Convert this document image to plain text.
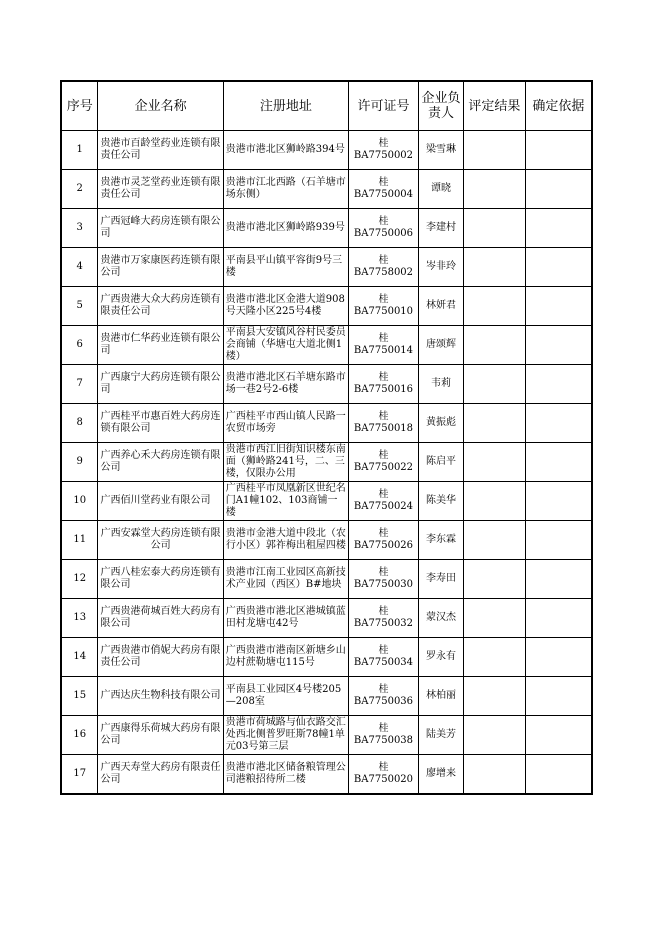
序号	企业名称	注册地址	许可证号	企业负责人	评定结果	确定依据
1	贵港市百龄堂药业连锁有限责任公司	贵港市港北区狮岭路394号	桂BA7750002	梁雪琳		
2	贵港市灵芝堂药业连锁有限责任公司	贵港市江北西路（石羊塘市场东侧）	桂BA7750004	谭晓		
3	广西冠峰大药房连锁有限公司	贵港市港北区狮岭路939号	桂BA7750006	李建村		
4	贵港市万家康医药连锁有限公司	平南县平山镇平容街9号三楼	桂BA7758002	岑非玲		
5	广西贵港大众大药房连锁有限责任公司	贵港市港北区金港大道908号天隆小区225号4楼	桂BA7750010	林妍君		
6	贵港市仁华药业连锁有限公司	平南县大安镇风谷村民委员会商铺（华塘屯大道北侧1楼）	桂BA7750014	唐颂辉		
7	广西康宁大药房连锁有限公司	贵港市港北区石羊塘东路市场一巷2号2-6楼	桂BA7750016	韦莉		
8	广西桂平市惠百姓大药房连锁有限公司	广西桂平市西山镇人民路一农贸市场旁	桂BA7750018	黄振彪		
9	广西养心禾大药房连锁有限公司	贵港市西江旧街知识楼东南面（狮岭路241号，二、三楼，仅限办公用	桂BA7750022	陈启平		
10	广西佰川堂药业有限公司	广西桂平市凤凰新区世纪名门A1幢102、103商铺一楼	桂BA7750024	陈美华		
11	广西安霖堂大药房连锁有限公司	贵港市金港大道中段北（农行小区）郭祚梅出租屋四楼	桂BA7750026	李东霖		
12	广西八桂宏泰大药房连锁有限公司	贵港市江南工业园区高新技术产业园（西区）B#地块	桂BA7750030	李寿田		
13	广西贵港荷城百姓大药房有限公司	广西贵港市港北区港城镇蓝田村龙塘屯42号	桂BA7750032	蒙汉杰		
14	广西贵港市俏妮大药房有限责任公司	广西贵港市港南区新塘乡山边村蔗勒塘屯115号	桂BA7750034	罗永有		
15	广西达庆生物科技有限公司	平南县工业园区4号楼205—208室	桂BA7750036	林柏丽		
16	广西康得乐荷城大药房有限公司	贵港市荷城路与仙衣路交汇处西北侧普罗旺斯78幢1单元03号第三层	桂BA7750038	陆美芳		
17	广西天寿堂大药房有限责任公司	贵港市港北区储备粮管理公司港粮招待所二楼	桂BA7750020	廖增来		
